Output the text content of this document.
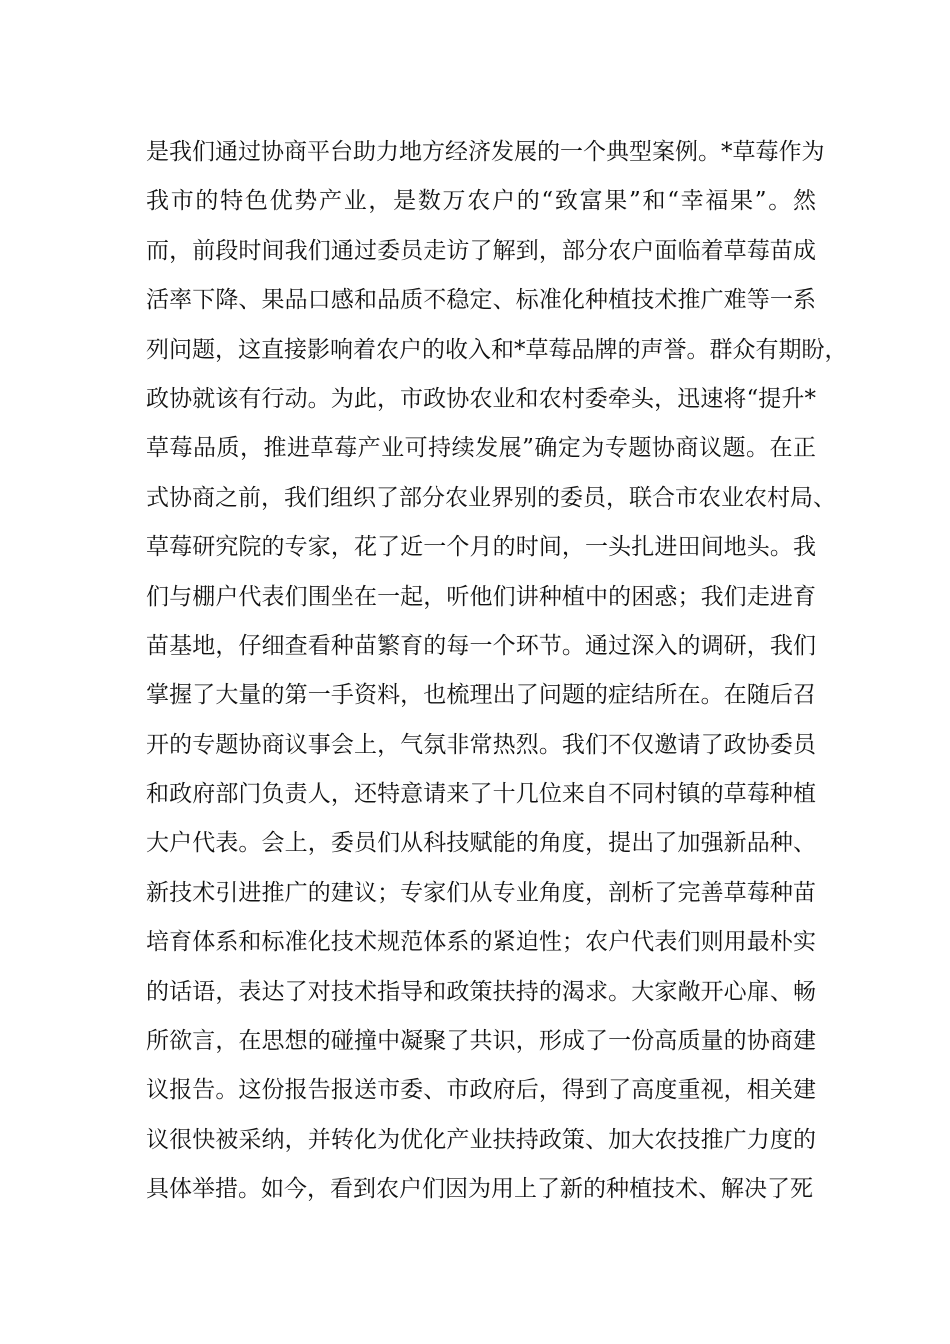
是我们通过协商平台助力地方经济发展的一个典型案例。*草莓作为
我市的特色优势产业，是数万农户的“致富果”和“幸福果”。然
而，前段时间我们通过委员走访了解到，部分农户面临着草莓苗成
活率下降、果品口感和品质不稳定、标准化种植技术推广难等一系
列问题，这直接影响着农户的收入和*草莓品牌的声誉。群众有期盼，
政协就该有行动。为此，市政协农业和农村委牵头，迅速将“提升*
草莓品质，推进草莓产业可持续发展”确定为专题协商议题。在正
式协商之前，我们组织了部分农业界别的委员，联合市农业农村局、
草莓研究院的专家，花了近一个月的时间，一头扎进田间地头。我
们与棚户代表们围坐在一起，听他们讲种植中的困惑；我们走进育
苗基地，仔细查看种苗繁育的每一个环节。通过深入的调研，我们
掌握了大量的第一手资料，也梳理出了问题的症结所在。在随后召
开的专题协商议事会上，气氛非常热烈。我们不仅邀请了政协委员
和政府部门负责人，还特意请来了十几位来自不同村镇的草莓种植
大户代表。会上，委员们从科技赋能的角度，提出了加强新品种、
新技术引进推广的建议；专家们从专业角度，剖析了完善草莓种苗
培育体系和标准化技术规范体系的紧迫性；农户代表们则用最朴实
的话语，表达了对技术指导和政策扶持的渴求。大家敞开心扉、畅
所欲言，在思想的碰撞中凝聚了共识，形成了一份高质量的协商建
议报告。这份报告报送市委、市政府后，得到了高度重视，相关建
议很快被采纳，并转化为优化产业扶持政策、加大农技推广力度的
具体举措。如今，看到农户们因为用上了新的种植技术、解决了死
